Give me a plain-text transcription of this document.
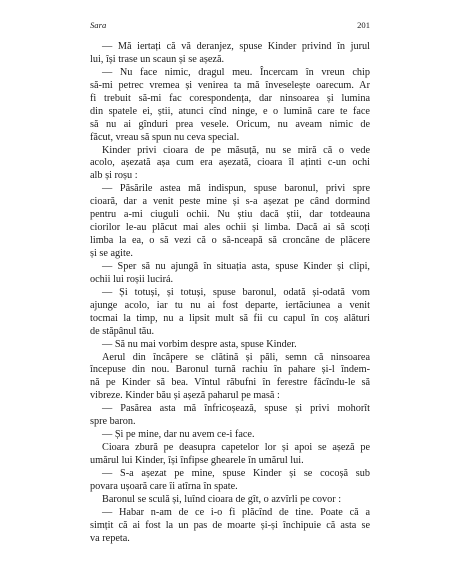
Sara	201
— Mă iertați că vă deranjez, spuse Kinder privind în jurul
lui, își trase un scaun și se așeză.
— Nu face nimic, dragul meu. Încercam în vreun chip
să-mi petrec vremea și venirea ta mă înveselește oarecum. Ar
fi trebuit să-mi fac corespondența, dar ninsoarea și lumina
din spatele ei, știi, atunci cînd ninge, e o lumină care te face
să nu ai gînduri prea vesele. Oricum, nu aveam nimic de
făcut, vreau să spun nu ceva special.
Kinder privi cioara de pe măsuță, nu se miră că o vede
acolo, așezată așa cum era așezată, cioara îl aținti c-un ochi
alb și roșu :
— Păsările astea mă indispun, spuse baronul, privi spre
cioară, dar a venit peste mine și s-a așezat pe când dormind
pentru a-mi ciuguli ochii. Nu știu dacă știi, dar totdeauna
ciorilor le-au plăcut mai ales ochii și limba. Dacă ai să scoți
limba la ea, o să vezi că o să-nceapă să croncăne de plăcere
și se agite.
— Sper să nu ajungă în situația asta, spuse Kinder și clipi,
ochii lui roșii lucirá.
— Și totuși, și totuși, spuse baronul, odată și-odată vom
ajunge acolo, iar tu nu ai fost departe, iertăciunea a venit
tocmai la timp, nu a lipsit mult să fii cu capul în coș alături
de stăpânul tău.
— Să nu mai vorbim despre asta, spuse Kinder.
Aerul din încăpere se clătină și păli, semn că ninsoarea
începuse din nou. Baronul turnă rachiu în pahare și-l îndem-
nă pe Kinder să bea. Vîntul răbufni în ferestre făcîndu-le să
vibreze. Kinder bău și așeză paharul pe masă :
— Pasărea asta mă înfricoșează, spuse și privi mohorît
spre baron.
— Și pe mine, dar nu avem ce-i face.
Cioara zbură pe deasupra capetelor lor și apoi se așeză pe
umărul lui Kinder, își înfipse ghearele în umărul lui.
— S-a așezat pe mine, spuse Kinder și se cocoșă sub
povara ușoară care îi atîrna în spate.
Baronul se sculă și, luînd cioara de gît, o azvîrli pe covor :
— Habar n-am de ce i-o fi plăcînd de tine. Poate că a
simțit că ai fost la un pas de moarte și-și închipuie că asta se
va repeta.
